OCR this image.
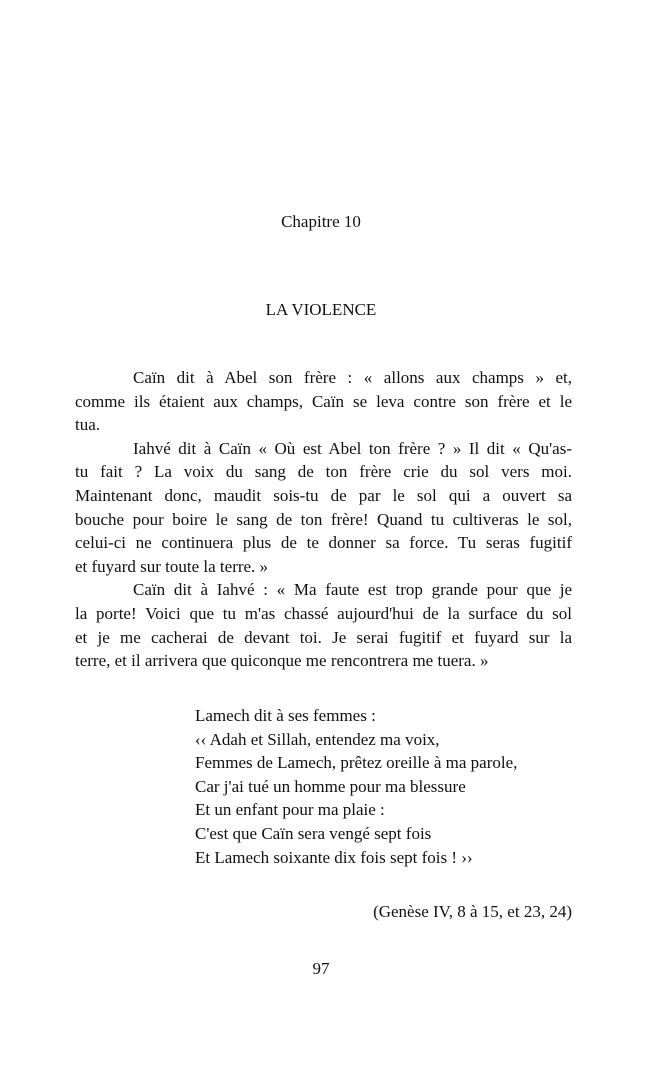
Chapitre 10
LA VIOLENCE
Caïn dit à Abel son frère : « allons aux champs » et,
comme ils étaient aux champs, Caïn se leva contre son frère et le
tua.
Iahvé dit à Caïn « Où est Abel ton frère ? » Il dit « Qu'as-
tu fait ? La voix du sang de ton frère crie du sol vers moi.
Maintenant donc, maudit sois-tu de par le sol qui a ouvert sa
bouche pour boire le sang de ton frère! Quand tu cultiveras le sol,
celui-ci ne continuera plus de te donner sa force. Tu seras fugitif
et fuyard sur toute la terre. »
Caïn dit à Iahvé : « Ma faute est trop grande pour que je
la porte! Voici que tu m'as chassé aujourd'hui de la surface du sol
et je me cacherai de devant toi. Je serai fugitif et fuyard sur la
terre, et il arrivera que quiconque me rencontrera me tuera. »
Lamech dit à ses femmes :
‹‹ Adah et Sillah, entendez ma voix,
Femmes de Lamech, prêtez oreille à ma parole,
Car j'ai tué un homme pour ma blessure
Et un enfant pour ma plaie :
C'est que Caïn sera vengé sept fois
Et Lamech soixante dix fois sept fois ! ››
(Genèse IV, 8 à 15, et 23, 24)
97
